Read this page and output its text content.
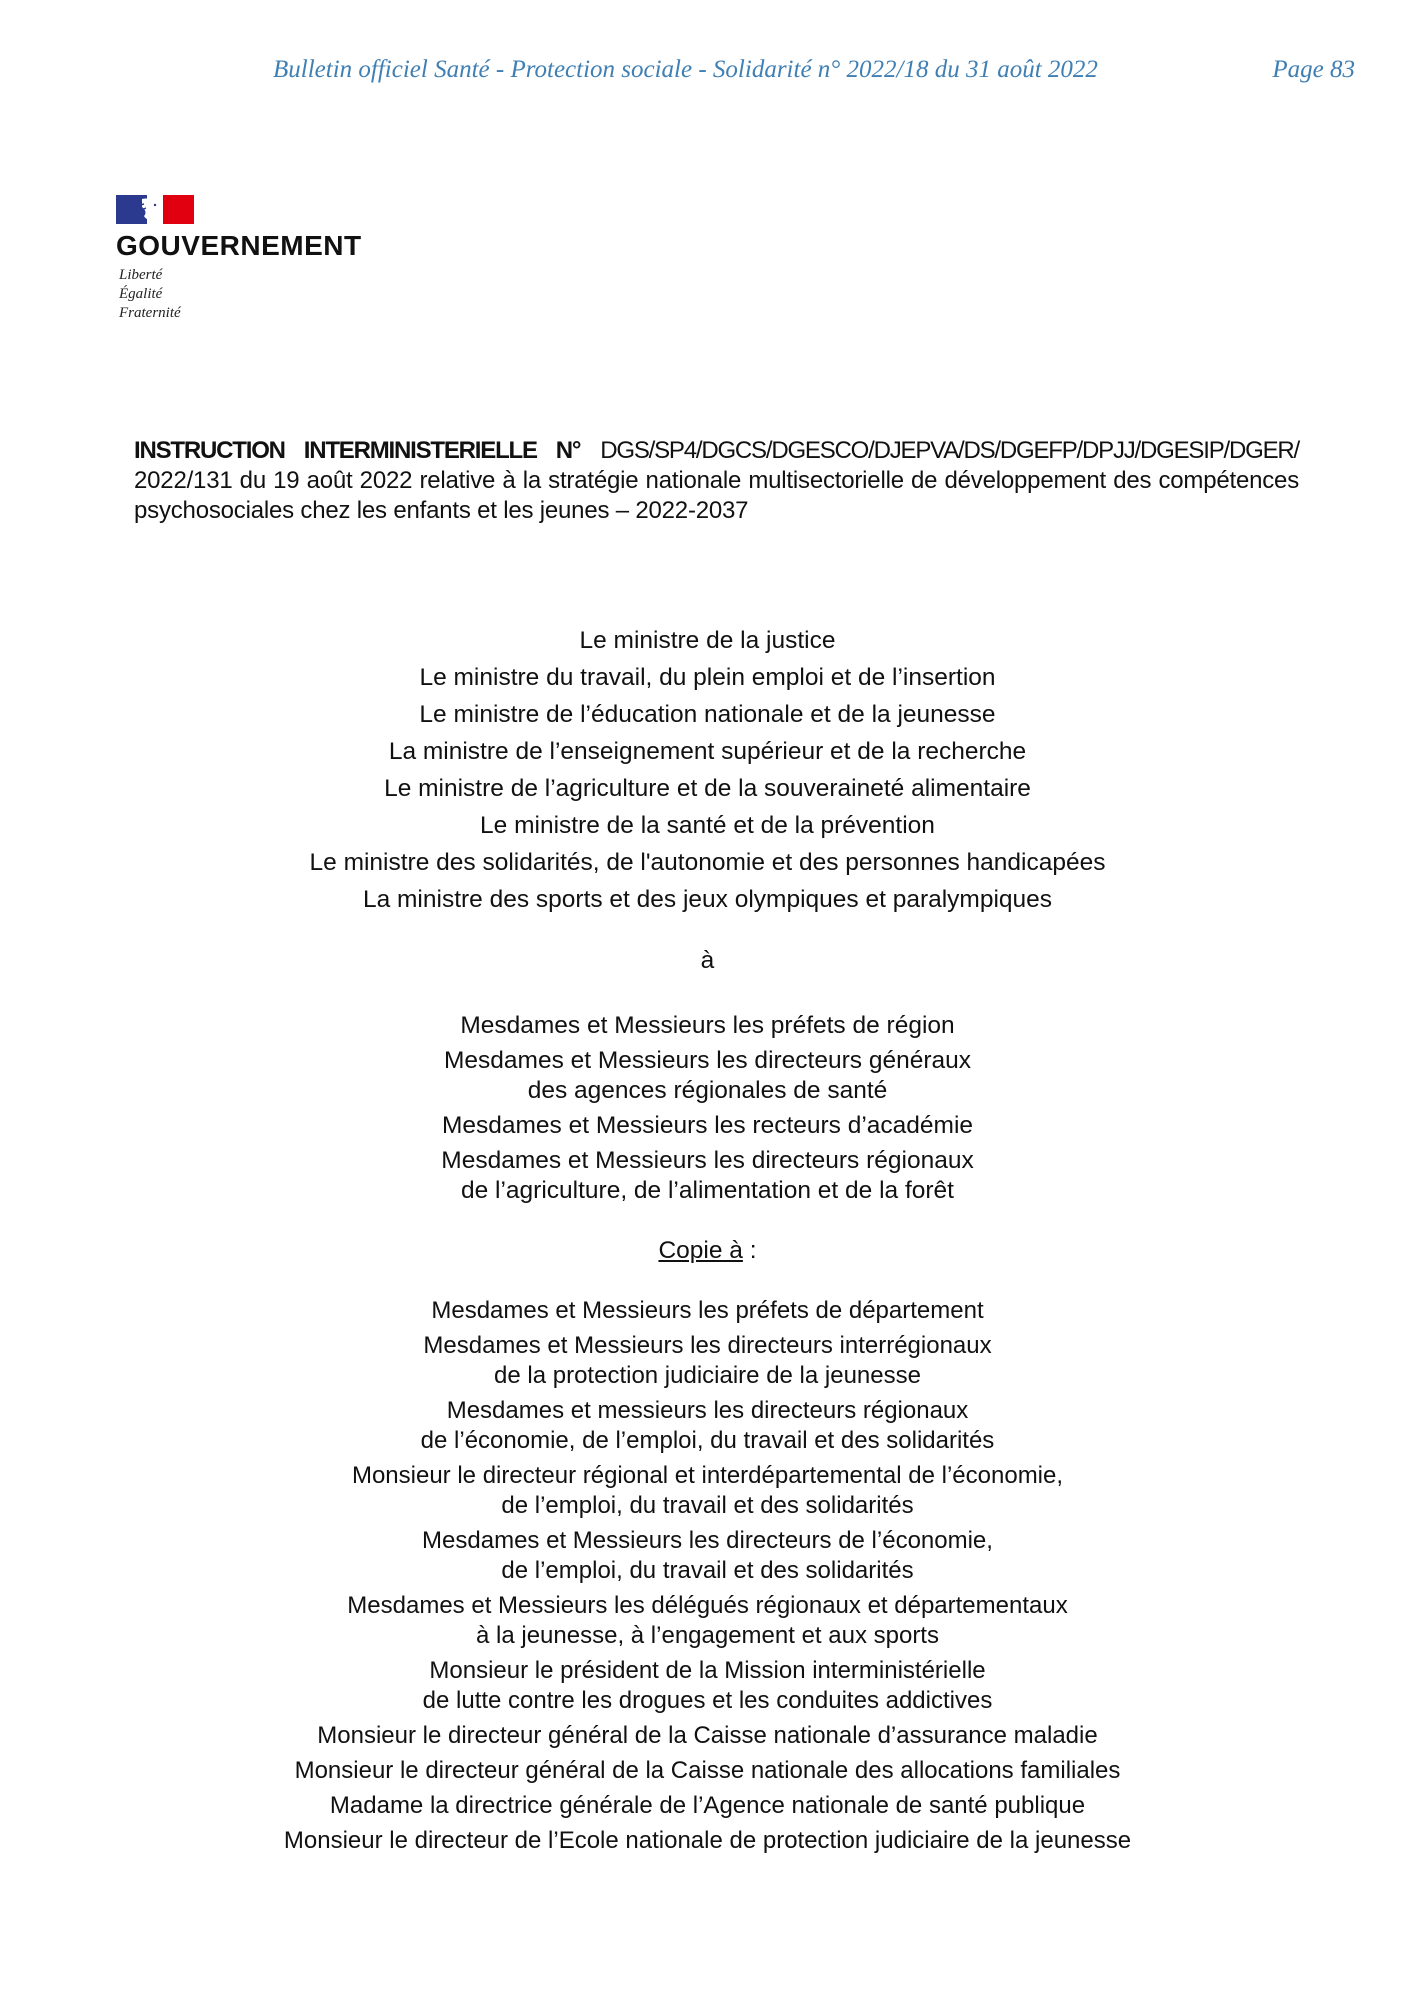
Bulletin officiel Santé - Protection sociale - Solidarité n° 2022/18 du 31 août 2022	Page 83
GOUVERNEMENT
Liberté
Égalité
Fraternité
INSTRUCTION INTERMINISTERIELLE N° DGS/SP4/DGCS/DGESCO/DJEPVA/DS/DGEFP/DPJJ/DGESIP/DGER/ 2022/131 du 19 août 2022 relative à la stratégie nationale multisectorielle de développement des compétences psychosociales chez les enfants et les jeunes – 2022-2037
Le ministre de la justice
Le ministre du travail, du plein emploi et de l’insertion
Le ministre de l’éducation nationale et de la jeunesse
La ministre de l’enseignement supérieur et de la recherche
Le ministre de l’agriculture et de la souveraineté alimentaire
Le ministre de la santé et de la prévention
Le ministre des solidarités, de l'autonomie et des personnes handicapées
La ministre des sports et des jeux olympiques et paralympiques
à
Mesdames et Messieurs les préfets de région
Mesdames et Messieurs les directeurs généraux
des agences régionales de santé
Mesdames et Messieurs les recteurs d’académie
Mesdames et Messieurs les directeurs régionaux
de l’agriculture, de l’alimentation et de la forêt
Copie à :
Mesdames et Messieurs les préfets de département
Mesdames et Messieurs les directeurs interrégionaux
de la protection judiciaire de la jeunesse
Mesdames et messieurs les directeurs régionaux
de l’économie, de l’emploi, du travail et des solidarités
Monsieur le directeur régional et interdépartemental de l’économie,
de l’emploi, du travail et des solidarités
Mesdames et Messieurs les directeurs de l’économie,
de l’emploi, du travail et des solidarités
Mesdames et Messieurs les délégués régionaux et départementaux
à la jeunesse, à l’engagement et aux sports
Monsieur le président de la Mission interministérielle
de lutte contre les drogues et les conduites addictives
Monsieur le directeur général de la Caisse nationale d’assurance maladie
Monsieur le directeur général de la Caisse nationale des allocations familiales
Madame la directrice générale de l’Agence nationale de santé publique
Monsieur le directeur de l’Ecole nationale de protection judiciaire de la jeunesse
